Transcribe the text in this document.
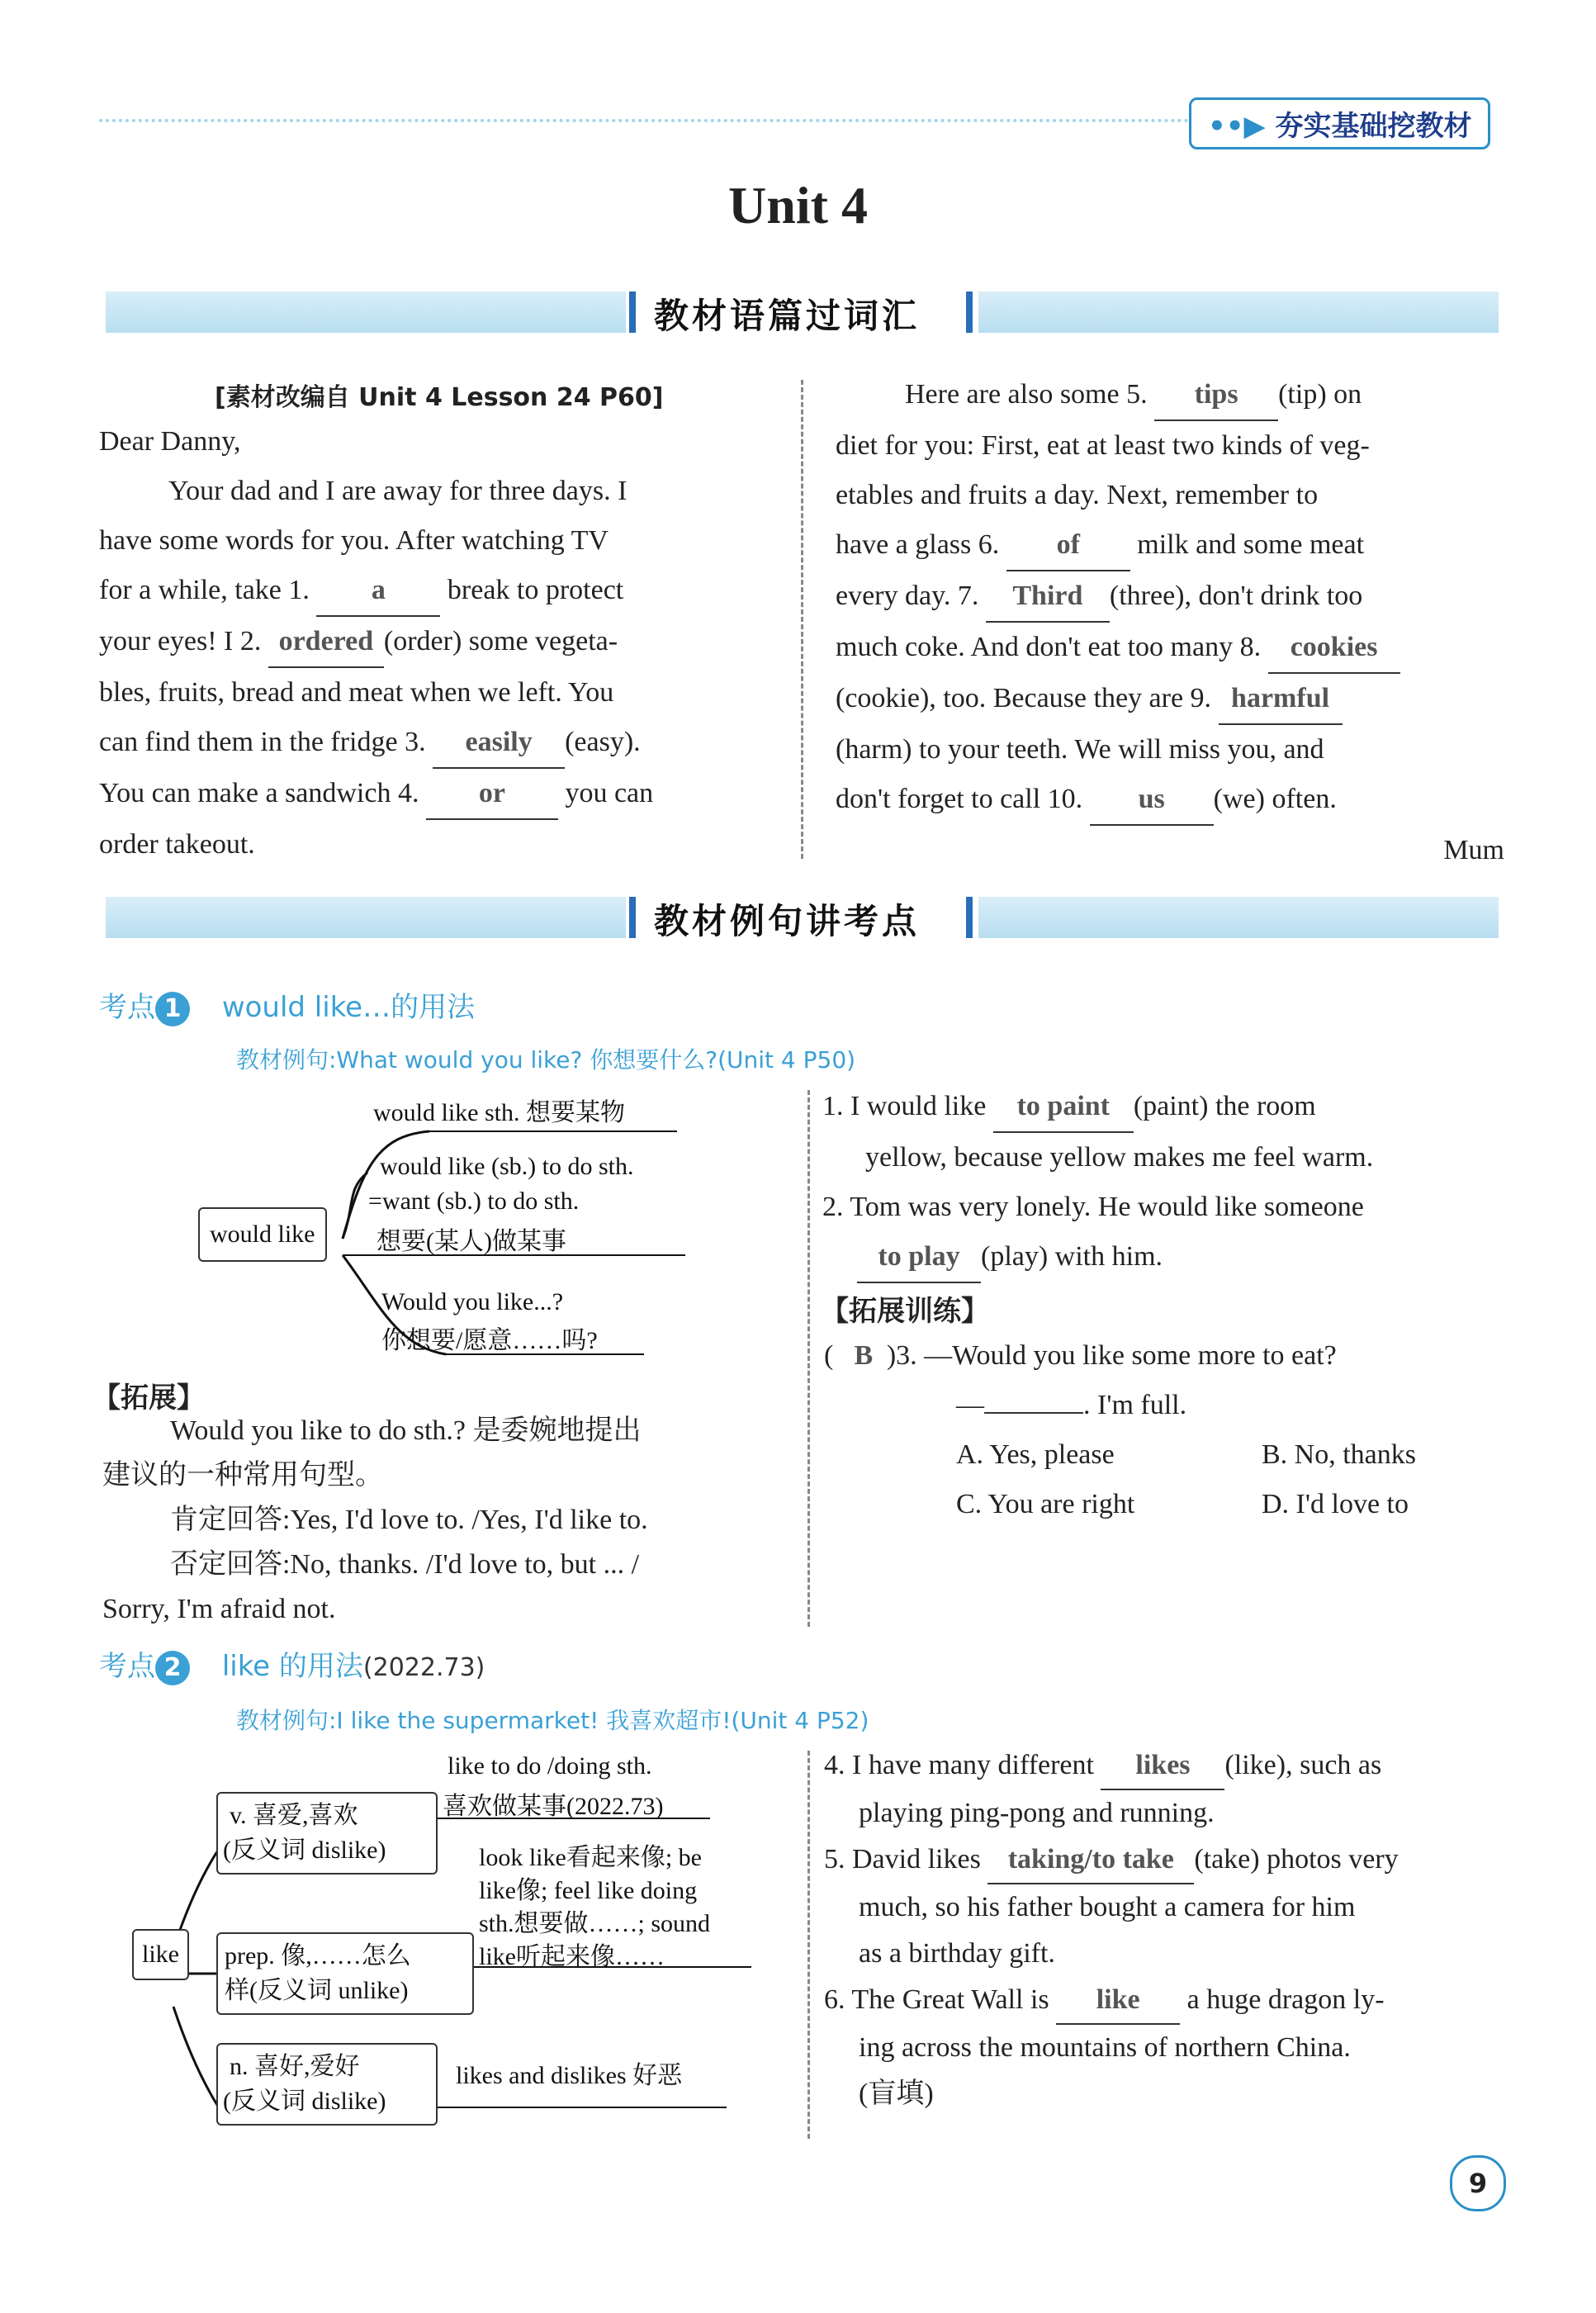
••▶ 夯实基础挖教材
Unit 4
教材语篇过词汇
[素材改编自 Unit 4 Lesson 24 P60]
Dear Danny,
Your dad and I are away for three days. I
have some words for you. After watching TV
for a while, take 1. a break to protect
your eyes! I 2. ordered (order) some vegeta-
bles, fruits, bread and meat when we left. You
can find them in the fridge 3. easily (easy).
You can make a sandwich 4. or you can
order takeout.
Here are also some 5. tips (tip) on
diet for you: First, eat at least two kinds of veg-
etables and fruits a day. Next, remember to
have a glass 6. of milk and some meat
every day. 7. Third (three), don't drink too
much coke. And don't eat too many 8. cookies
(cookie), too. Because they are 9. harmful
(harm) to your teeth. We will miss you, and
don't forget to call 10. us (we) often.
Mum
教材例句讲考点
考点 1 would like…的用法
教材例句:What would you like? 你想要什么?(Unit 4 P50)
would like
would like sth. 想要某物
would like (sb.) to do sth.
=want (sb.) to do sth.
想要(某人)做某事
Would you like...?
你想要/愿意……吗?
【拓展】
Would you like to do sth.? 是委婉地提出
建议的一种常用句型。
肯定回答:Yes, I'd love to. /Yes, I'd like to.
否定回答:No, thanks. /I'd love to, but ... /
Sorry, I'm afraid not.
1. I would like to paint (paint) the room
yellow, because yellow makes me feel warm.
2. Tom was very lonely. He would like someone
to play (play) with him.
【拓展训练】
( B )3. —Would you like some more to eat?
—	. I'm full.
A. Yes, please	B. No, thanks
C. You are right	D. I'd love to
考点 2 like 的用法(2022.73)
教材例句:I like the supermarket! 我喜欢超市!(Unit 4 P52)
like
v. 喜爱,喜欢
(反义词 dislike)
like to do /doing sth.
喜欢做某事(2022.73)
prep. 像,……怎么
样(反义词 unlike)
look like看起来像; be
like像; feel like doing
sth.想要做……; sound
like听起来像……
n. 喜好,爱好
(反义词 dislike)
likes and dislikes 好恶
4. I have many different likes (like), such as
playing ping-pong and running.
5. David likes taking/to take (take) photos very
much, so his father bought a camera for him
as a birthday gift.
6. The Great Wall is like a huge dragon ly-
ing across the mountains of northern China.
(盲填)
9
